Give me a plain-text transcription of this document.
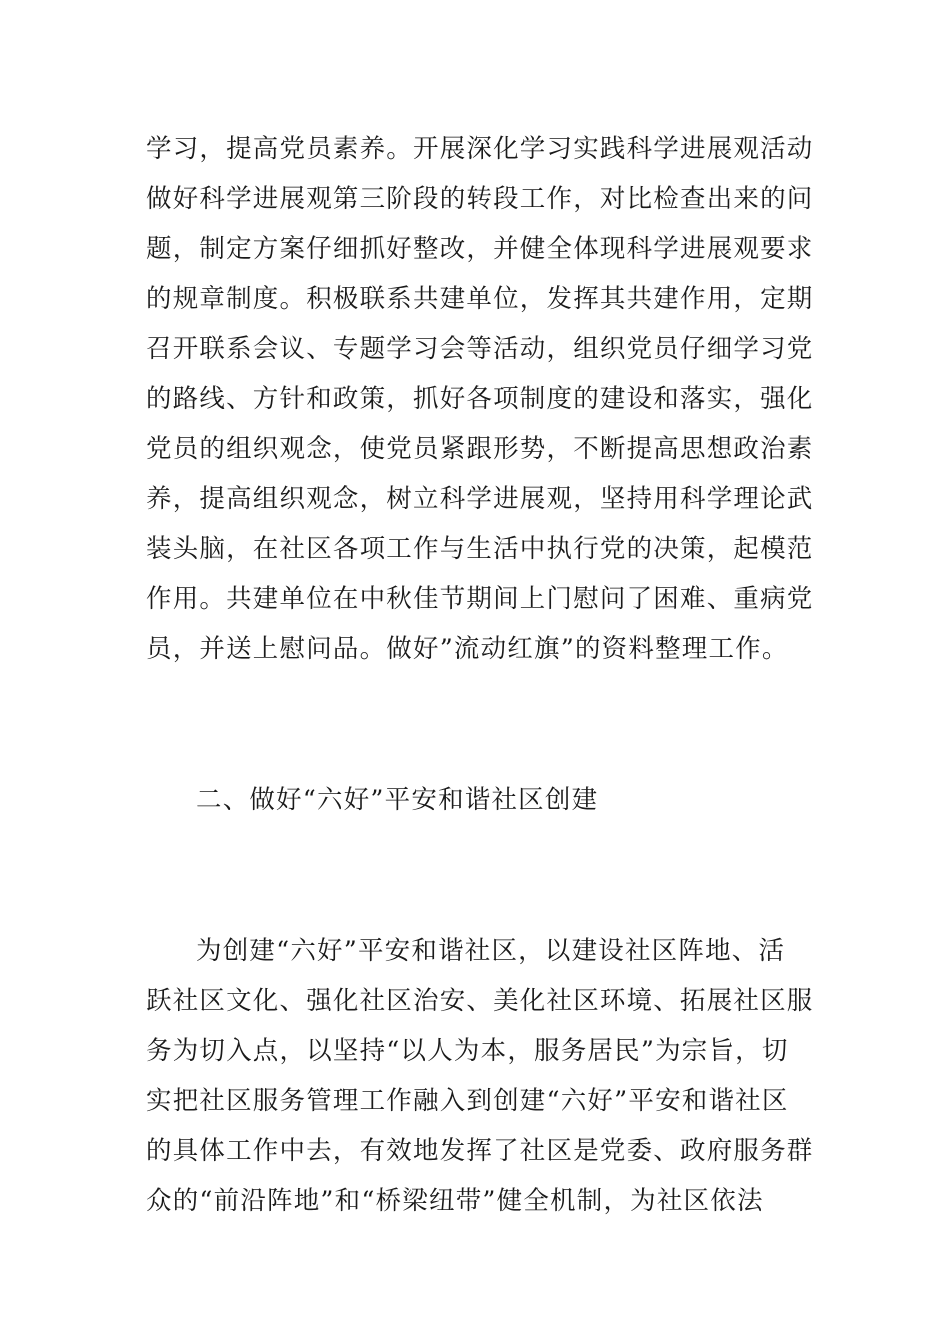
学习，提高党员素养。开展深化学习实践科学进展观活动
做好科学进展观第三阶段的转段工作，对比检查出来的问
题，制定方案仔细抓好整改，并健全体现科学进展观要求
的规章制度。积极联系共建单位，发挥其共建作用，定期
召开联系会议、专题学习会等活动，组织党员仔细学习党
的路线、方针和政策，抓好各项制度的建设和落实，强化
党员的组织观念，使党员紧跟形势，不断提高思想政治素
养，提高组织观念，树立科学进展观，坚持用科学理论武
装头脑，在社区各项工作与生活中执行党的决策，起模范
作用。共建单位在中秋佳节期间上门慰问了困难、重病党
员，并送上慰问品。做好”流动红旗”的资料整理工作。
二、做好“六好”平安和谐社区创建
为创建“六好”平安和谐社区，以建设社区阵地、活
跃社区文化、强化社区治安、美化社区环境、拓展社区服
务为切入点，以坚持“以人为本，服务居民”为宗旨，切
实把社区服务管理工作融入到创建“六好”平安和谐社区
的具体工作中去，有效地发挥了社区是党委、政府服务群
众的“前沿阵地”和“桥梁纽带”健全机制，为社区依法
